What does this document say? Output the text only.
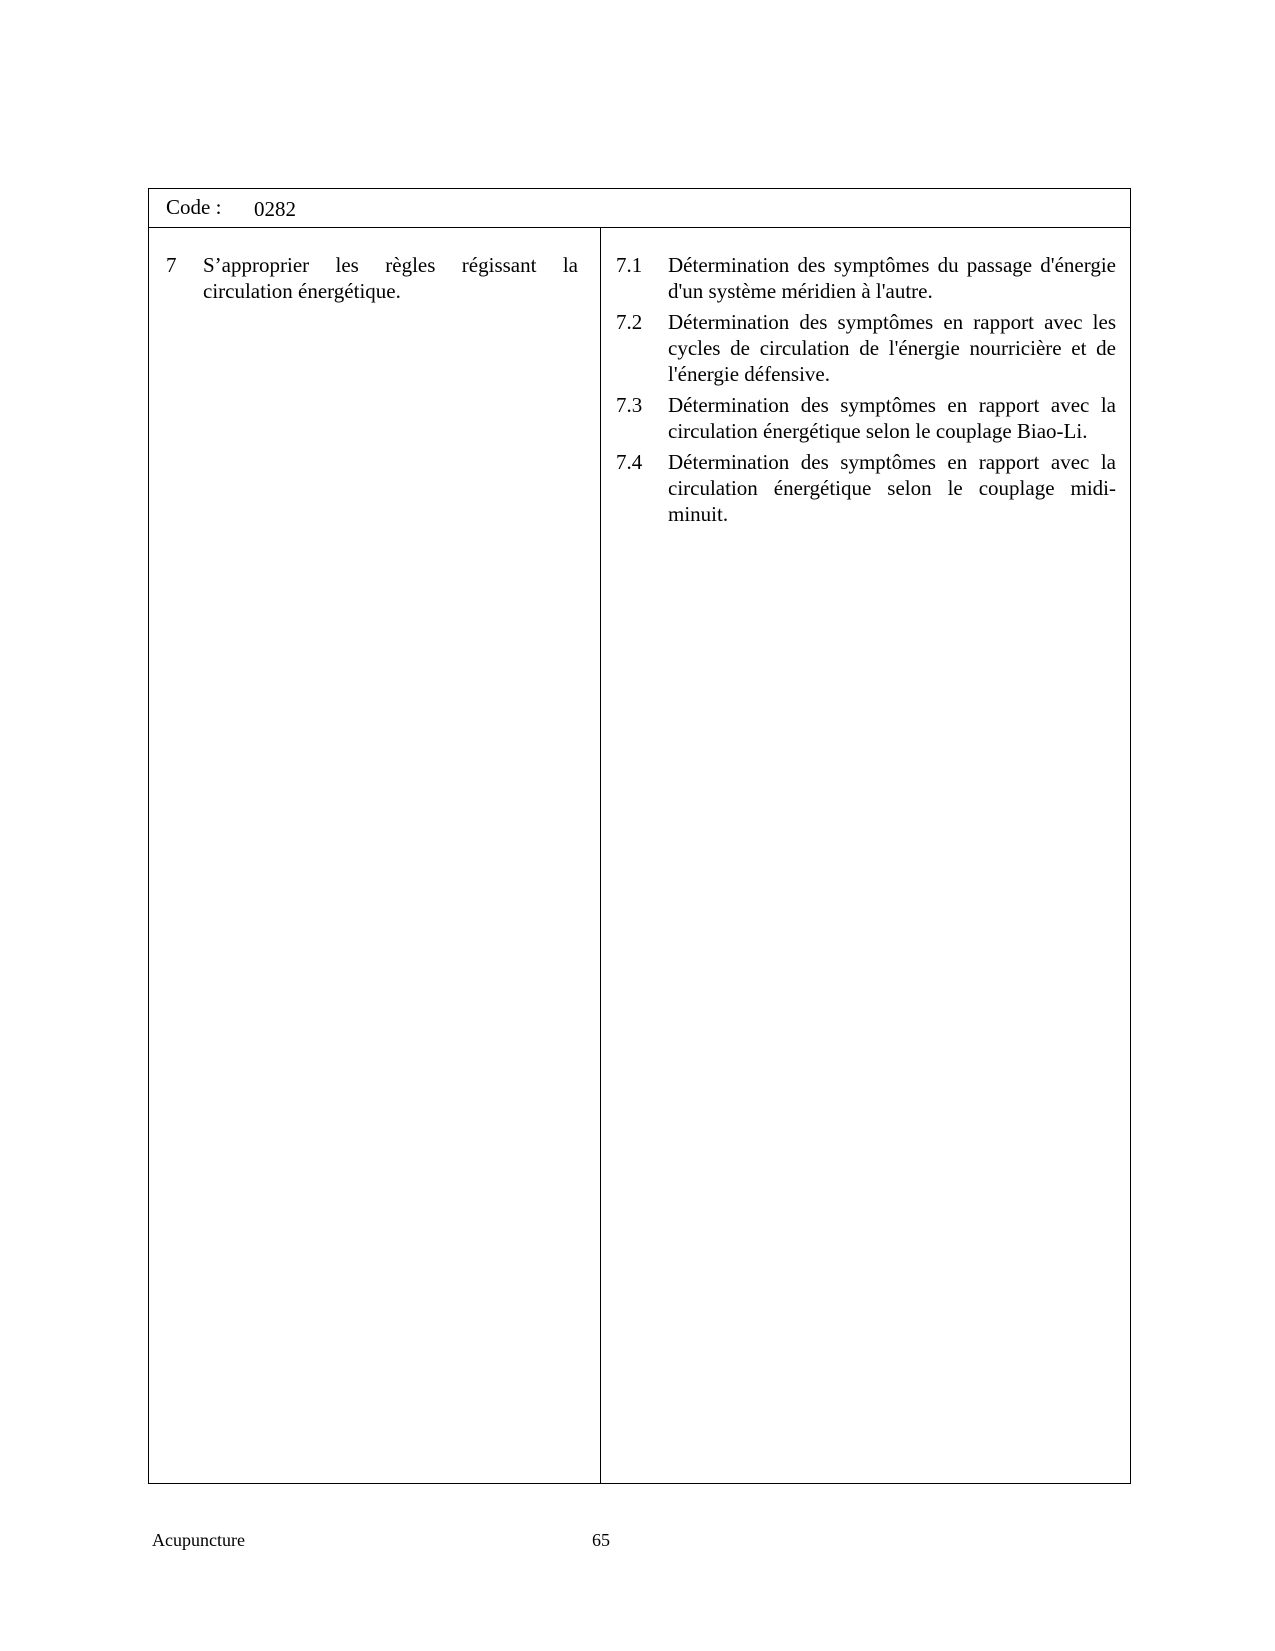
Code : 0282
7	S’approprier les règles régissant la circulation énergétique.
7.1	Détermination des symptômes du passage d'énergie d'un système méridien à l'autre.
7.2	Détermination des symptômes en rapport avec les cycles de circulation de l'énergie nourricière et de l'énergie défensive.
7.3	Détermination des symptômes en rapport avec la circulation énergétique selon le couplage Biao-Li.
7.4	Détermination des symptômes en rapport avec la circulation énergétique selon le couplage midi-minuit.
Acupuncture	65
